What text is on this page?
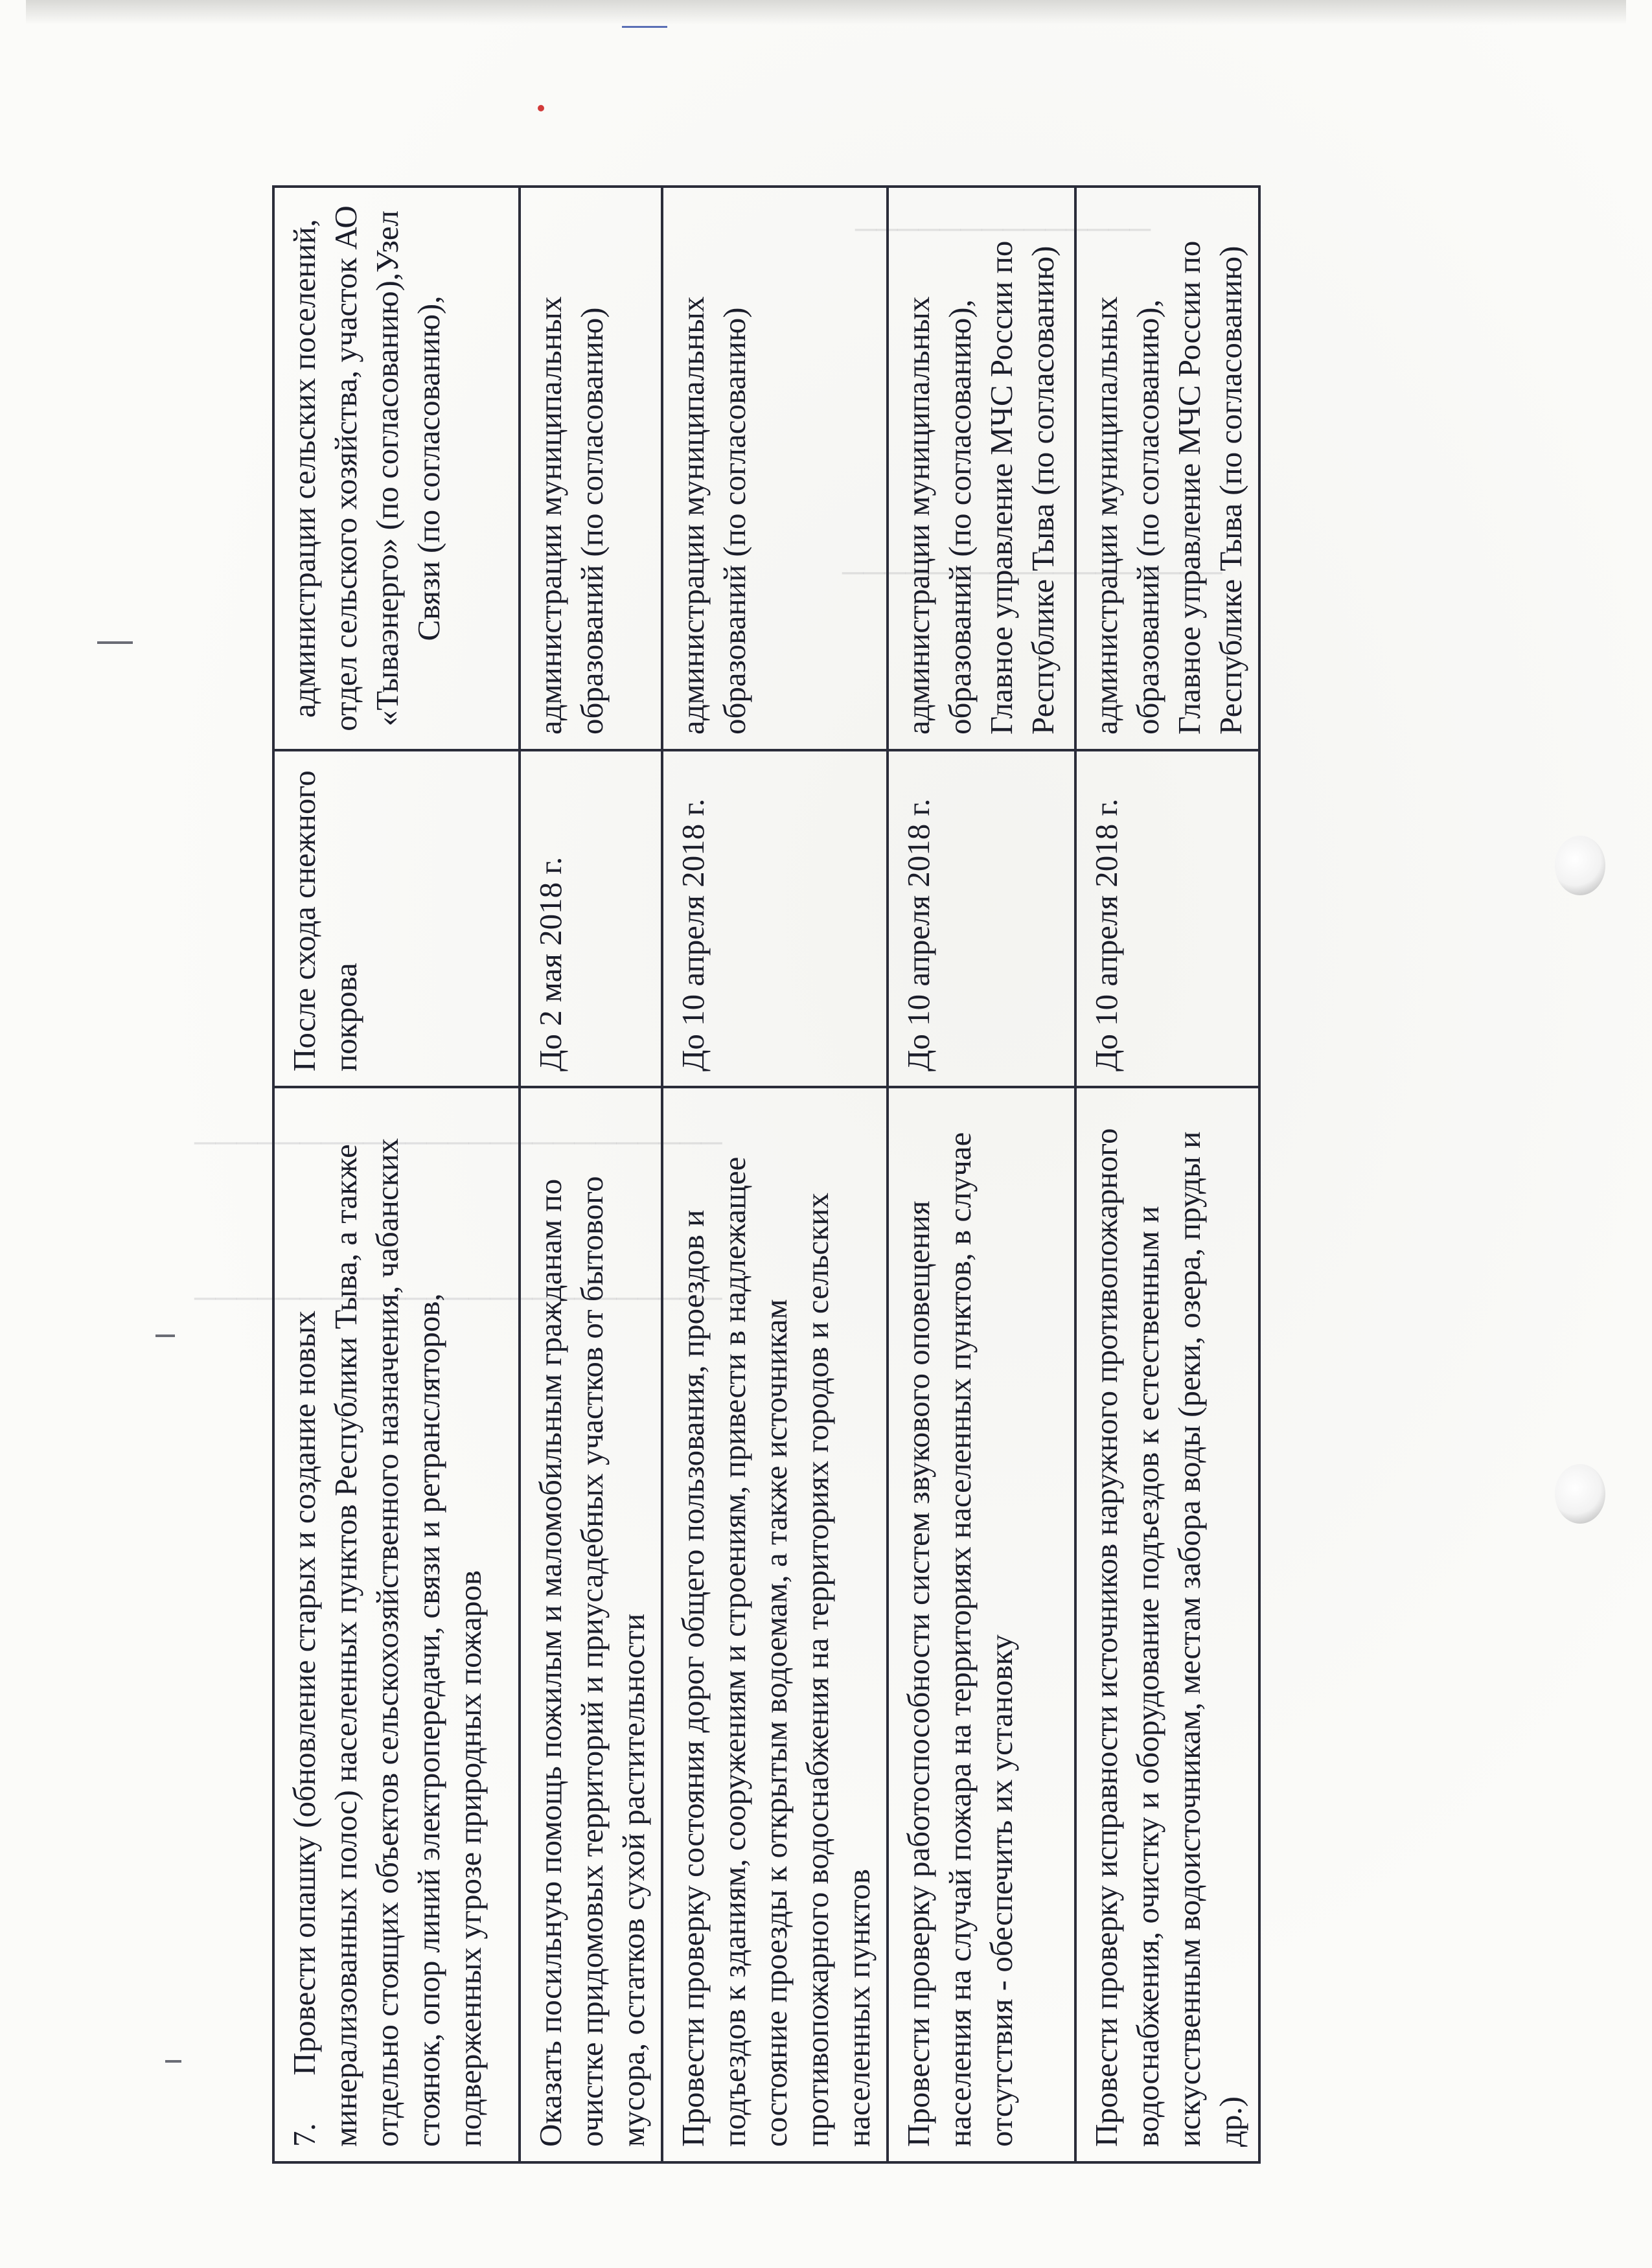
7.      Провести опашку (обновление старых и создание новых минерализованных полос) населенных пунктов Республики Тыва, а также отдельно стоящих объектов сельскохозяйственного назначения, чабанских стоянок, опор линий электропередачи, связи и ретрансляторов, подверженных угрозе природных пожаров	После схода снежного покрова	администрации сельских поселений, отдел сельского хозяйства, участок АО «Тываэнерго» (по согласованию),Узел Связи (по согласованию),
Оказать посильную помощь пожилым и маломобильным гражданам по очистке придомовых территорий и приусадебных участков от бытового мусора, остатков сухой растительности	До 2 мая 2018 г.	администрации муниципальных образований (по согласованию)
Провести проверку состояния дорог общего пользования, проездов и подъездов к зданиям, сооружениям и строениям, привести в надлежащее состояние проезды к открытым водоемам, а также источникам противопожарного водоснабжения на территориях городов и сельских населенных пунктов	До 10 апреля 2018 г.	администрации муниципальных образований (по согласованию)
Провести проверку работоспособности систем звукового оповещения населения на случай пожара на территориях населенных пунктов, в случае отсутствия - обеспечить их установку	До 10 апреля 2018 г.	администрации муниципальных образований (по согласованию), Главное управление МЧС России по Республике Тыва (по согласованию)
Провести проверку исправности источников наружного противопожарного водоснабжения, очистку и оборудование подъездов к естественным и искусственным водоисточникам, местам забора воды (реки, озера, пруды и др.)	До 10 апреля 2018 г.	администрации муниципальных образований (по согласованию), Главное управление МЧС России по Республике Тыва (по согласованию)
